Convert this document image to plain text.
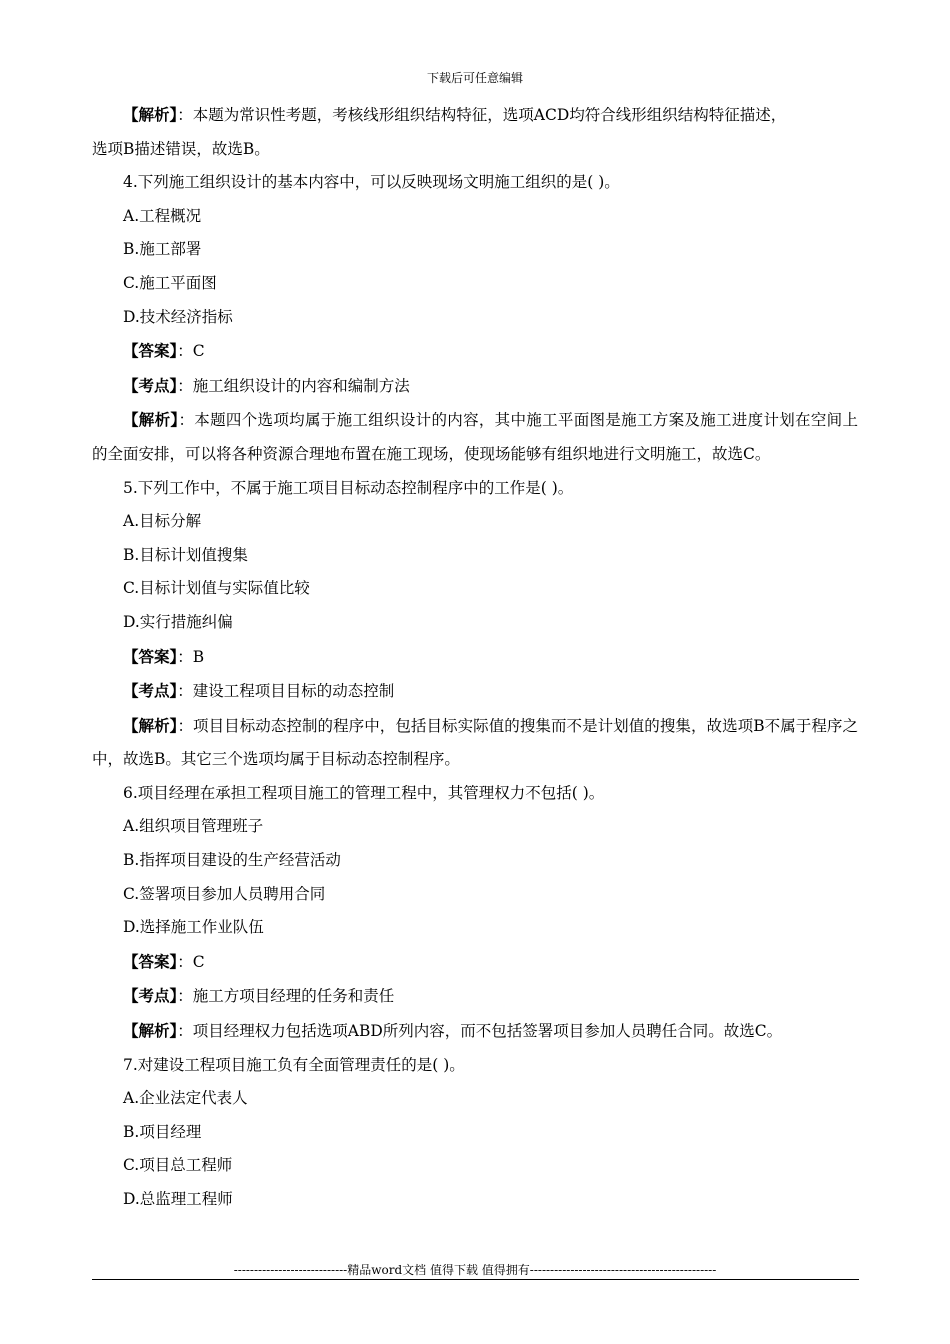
下载后可任意编辑

【解析】：本题为常识性考题，考核线形组织结构特征，选项ACD均符合线形组织结构特征描述，

选项B描述错误，故选B。

4.下列施工组织设计的基本内容中，可以反映现场文明施工组织的是( )。

A.工程概况

B.施工部署

C.施工平面图

D.技术经济指标

【答案】：C

【考点】：施工组织设计的内容和编制方法

【解析】：本题四个选项均属于施工组织设计的内容，其中施工平面图是施工方案及施工进度计划在空间上的全面安排，可以将各种资源合理地布置在施工现场，使现场能够有组织地进行文明施工，故选C。

5.下列工作中，不属于施工项目目标动态控制程序中的工作是( )。

A.目标分解

B.目标计划值搜集

C.目标计划值与实际值比较

D.实行措施纠偏

【答案】：B

【考点】：建设工程项目目标的动态控制

【解析】：项目目标动态控制的程序中，包括目标实际值的搜集而不是计划值的搜集，故选项B不属于程序之中，故选B。其它三个选项均属于目标动态控制程序。

6.项目经理在承担工程项目施工的管理工程中，其管理权力不包括( )。

A.组织项目管理班子

B.指挥项目建设的生产经营活动

C.签署项目参加人员聘用合同

D.选择施工作业队伍

【答案】：C

【考点】：施工方项目经理的任务和责任

【解析】：项目经理权力包括选项ABD所列内容，而不包括签署项目参加人员聘任合同。故选C。

7.对建设工程项目施工负有全面管理责任的是( )。

A.企业法定代表人

B.项目经理

C.项目总工程师

D.总监理工程师

----------------------------精品word文档 值得下载 值得拥有----------------------------------------------
